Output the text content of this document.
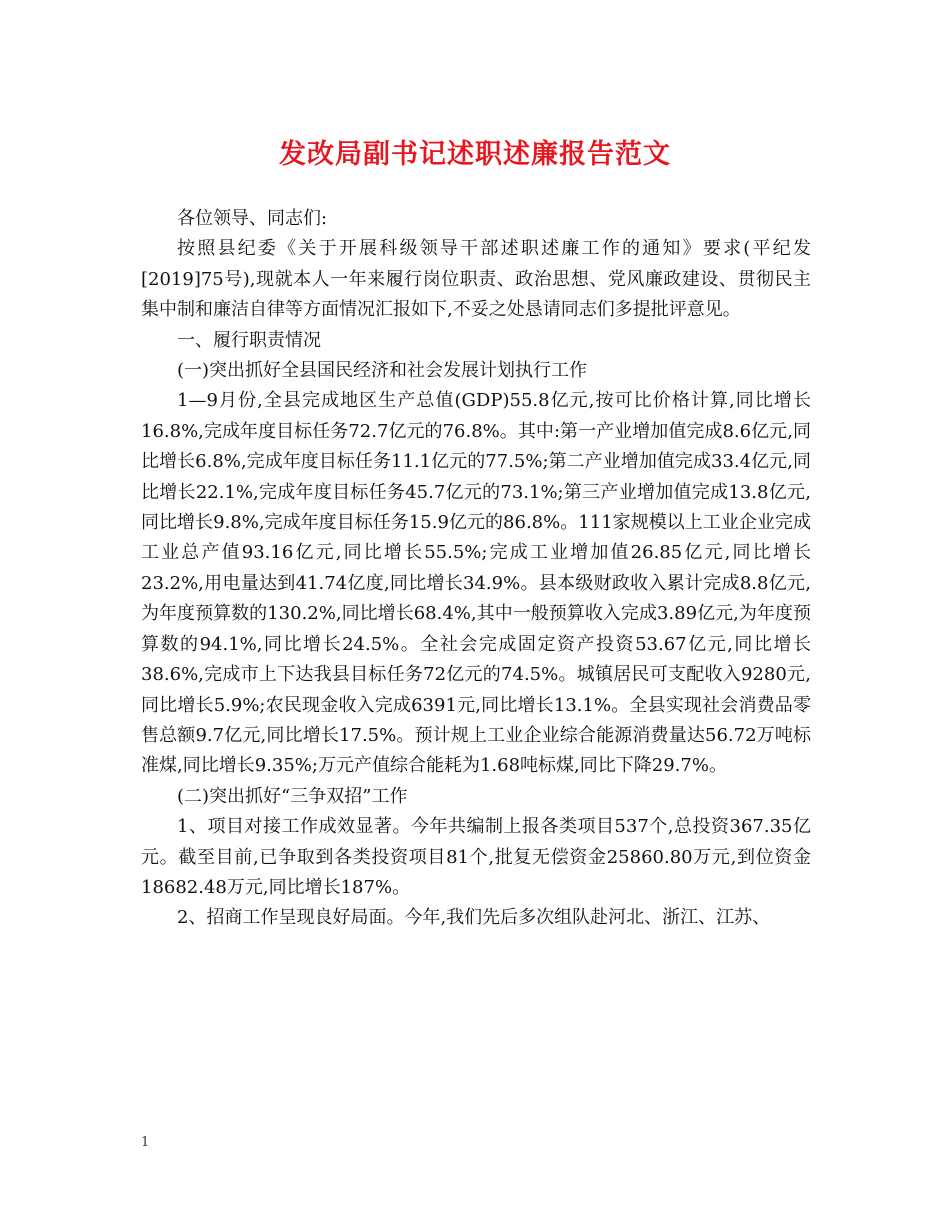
发改局副书记述职述廉报告范文

各位领导、同志们:

按照县纪委《关于开展科级领导干部述职述廉工作的通知》要求(平纪发[2019]75号),现就本人一年来履行岗位职责、政治思想、党风廉政建设、贯彻民主集中制和廉洁自律等方面情况汇报如下,不妥之处恳请同志们多提批评意见。

一、履行职责情况

(一)突出抓好全县国民经济和社会发展计划执行工作

1—9月份,全县完成地区生产总值(GDP)55.8亿元,按可比价格计算,同比增长16.8%,完成年度目标任务72.7亿元的76.8%。其中:第一产业增加值完成8.6亿元,同比增长6.8%,完成年度目标任务11.1亿元的77.5%;第二产业增加值完成33.4亿元,同比增长22.1%,完成年度目标任务45.7亿元的73.1%;第三产业增加值完成13.8亿元,同比增长9.8%,完成年度目标任务15.9亿元的86.8%。111家规模以上工业企业完成工业总产值93.16亿元,同比增长55.5%;完成工业增加值26.85亿元,同比增长23.2%,用电量达到41.74亿度,同比增长34.9%。县本级财政收入累计完成8.8亿元,为年度预算数的130.2%,同比增长68.4%,其中一般预算收入完成3.89亿元,为年度预算数的94.1%,同比增长24.5%。全社会完成固定资产投资53.67亿元,同比增长38.6%,完成市上下达我县目标任务72亿元的74.5%。城镇居民可支配收入9280元,同比增长5.9%;农民现金收入完成6391元,同比增长13.1%。全县实现社会消费品零售总额9.7亿元,同比增长17.5%。预计规上工业企业综合能源消费量达56.72万吨标准煤,同比增长9.35%;万元产值综合能耗为1.68吨标煤,同比下降29.7%。

(二)突出抓好“三争双招”工作

1、项目对接工作成效显著。今年共编制上报各类项目537个,总投资367.35亿元。截至目前,已争取到各类投资项目81个,批复无偿资金25860.80万元,到位资金18682.48万元,同比增长187%。

2、招商工作呈现良好局面。今年,我们先后多次组队赴河北、浙江、江苏、

1
